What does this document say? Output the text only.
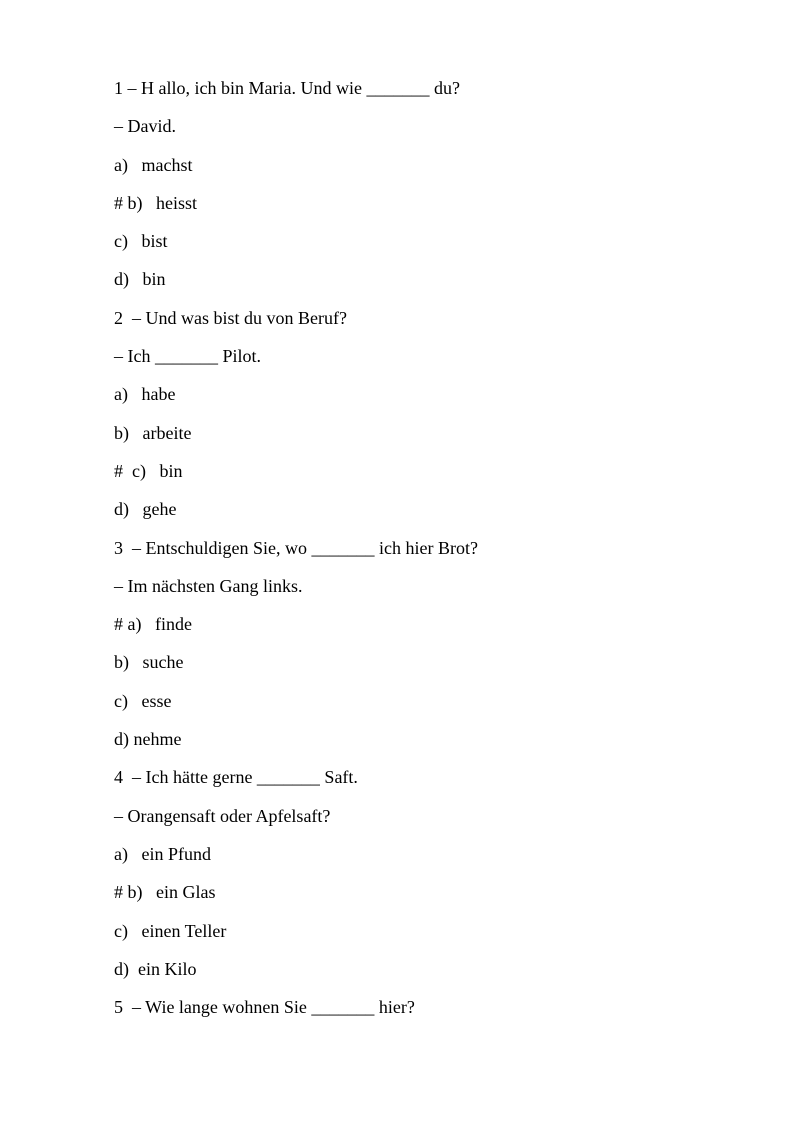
1 – H allo, ich bin Maria. Und wie _______ du?
– David.
a)   machst
# b)   heisst
c)   bist
d)   bin
2  – Und was bist du von Beruf?
– Ich _______ Pilot.
a)   habe
b)   arbeite
#  c)   bin
d)   gehe
3  – Entschuldigen Sie, wo _______ ich hier Brot?
– Im nächsten Gang links.
# a)   finde
b)   suche
c)   esse
d) nehme
4  – Ich hätte gerne _______ Saft.
– Orangensaft oder Apfelsaft?
a)   ein Pfund
# b)   ein Glas
c)   einen Teller
d)  ein Kilo
5  – Wie lange wohnen Sie _______ hier?
